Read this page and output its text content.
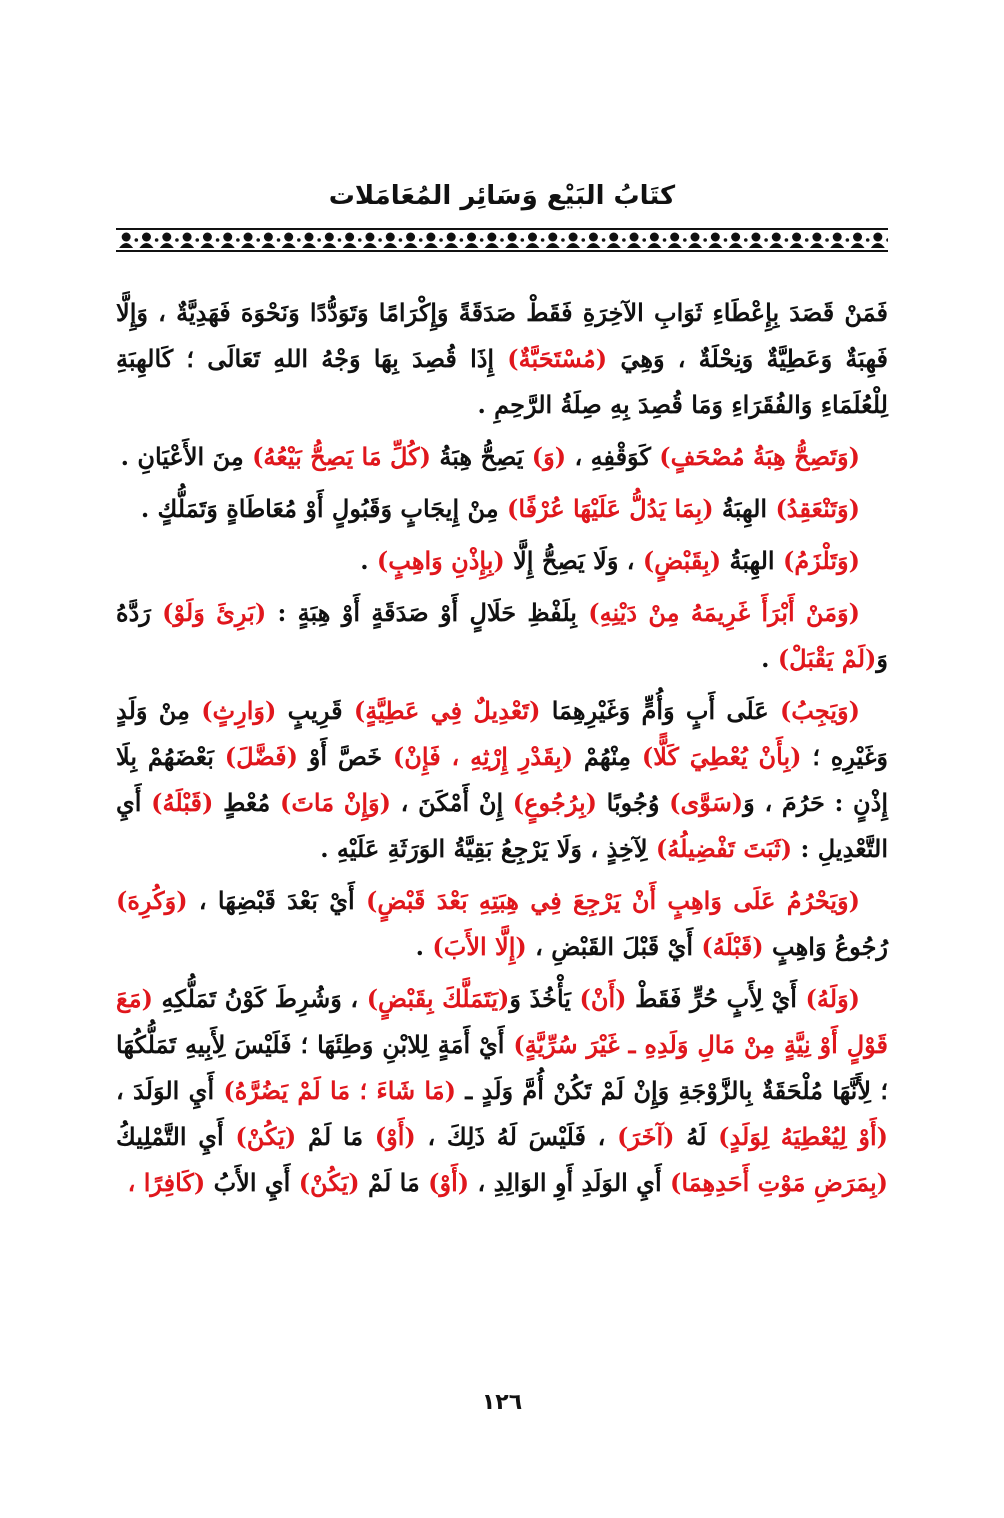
كتَابُ البَيْع وَسَائِر المُعَامَلات

فَمَنْ قَصَدَ بِإِعْطَاءِ ثَوَابِ الآخِرَةِ فَقَطْ صَدَقَةً وَإِكْرَامًا وَتَوَدُّدًا وَنَحْوَهَ فَهَدِيَّةٌ ، وَإِلَّا فَهِبَةٌ وَعَطِيَّةٌ وَنِحْلَةٌ ، وَهِيَ (مُسْتَحَبَّةٌ) إِذَا قُصِدَ بِهَا وَجْهُ اللهِ تَعَالَى ؛ كَالهِبَةِ لِلْعُلَمَاءِ وَالفُقَرَاءِ وَمَا قُصِدَ بِهِ صِلَةُ الرَّحِمِ .

(وَتَصِحُّ هِبَةُ مُصْحَفٍ) كَوَقْفِهِ ، (وَ) يَصِحُّ هِبَةُ (كُلِّ مَا يَصِحُّ بَيْعُهُ) مِنَ الأَعْيَانِ .

(وَتَنْعَقِدُ) الهِبَةُ (بِمَا يَدُلُّ عَلَيْهَا عُرْفًا) مِنْ إِيجَابٍ وَقَبُولٍ أَوْ مُعَاطَاةٍ وَتَمَلُّكٍ .

(وَتَلْزَمُ) الهِبَةُ (بِقَبْضٍ) ، وَلَا يَصِحُّ إِلَّا (بِإِذْنِ وَاهِبٍ) .

(وَمَنْ أَبْرَأَ غَرِيمَهُ مِنْ دَيْنِهِ) بِلَفْظِ حَلَالٍ أَوْ صَدَقَةٍ أَوْ هِبَةٍ : (بَرِئَ وَلَوْ) رَدَّهُ وَ(لَمْ يَقْبَلْ) .

(وَيَجِبُ) عَلَى أَبٍ وَأُمٍّ وَغَيْرِهِمَا (تَعْدِيلٌ فِي عَطِيَّةٍ) قَرِيبٍ (وَارِثٍ) مِنْ وَلَدٍ وَغَيْرِهِ ؛ (بِأَنْ يُعْطِيَ كَلًّا) مِنْهُمْ (بِقَدْرِ إِرْثِهِ ، فَإِنْ) خَصَّ أَوْ (فَضَّلَ) بَعْضَهُمْ بِلَا إِذْنٍ : حَرُمَ ، وَ(سَوَّى) وُجُوبًا (بِرُجُوعٍ) إِنْ أَمْكَنَ ، (وَإِنْ مَاتَ) مُعْطٍ (قَبْلَهُ) أَيِ التَّعْدِيلِ : (ثَبَتَ تَفْضِيلُهُ) لِآخِذٍ ، وَلَا يَرْجِعُ بَقِيَّةُ الوَرَثَةِ عَلَيْهِ .

(وَيَحْرُمُ عَلَى وَاهِبٍ أَنْ يَرْجِعَ فِي هِبَتِهِ بَعْدَ قَبْضٍ) أَيْ بَعْدَ قَبْضِهَا ، (وَكُرِهَ) رُجُوعُ وَاهِبٍ (قَبْلَهُ) أَيْ قَبْلَ القَبْضِ ، (إِلَّا الأَبَ) .

(وَلَهُ) أَيْ لِأَبٍ حُرٍّ فَقَطْ (أَنْ) يَأْخُذَ وَ(يَتَمَلَّكَ بِقَبْضٍ) ، وَشُرِطَ كَوْنُ تَمَلُّكِهِ (مَعَ قَوْلٍ أَوْ نِيَّةٍ مِنْ مَالِ وَلَدِهِ ـ غَيْرَ سُرِّيَّةٍ) أَيْ أَمَةٍ لِلابْنِ وَطِئَهَا ؛ فَلَيْسَ لِأَبِيهِ تَمَلُّكُهَا ؛ لِأَنَّهَا مُلْحَقَةٌ بِالزَّوْجَةِ وَإِنْ لَمْ تَكُنْ أُمَّ وَلَدٍ ـ (مَا شَاءَ ؛ مَا لَمْ يَضُرَّهُ) أَيِ الوَلَدَ ، (أَوْ لِيُعْطِيَهُ لِوَلَدٍ) لَهُ (آخَرَ) ، فَلَيْسَ لَهُ ذَلِكَ ، (أَوْ) مَا لَمْ (يَكُنْ) أَيِ التَّمْلِيكُ (بِمَرَضِ مَوْتِ أَحَدِهِمَا) أَيِ الوَلَدِ أَوِ الوَالِدِ ، (أَوْ) مَا لَمْ (يَكُنْ) أَيِ الأَبُ (كَافِرًا ،

١٢٦
